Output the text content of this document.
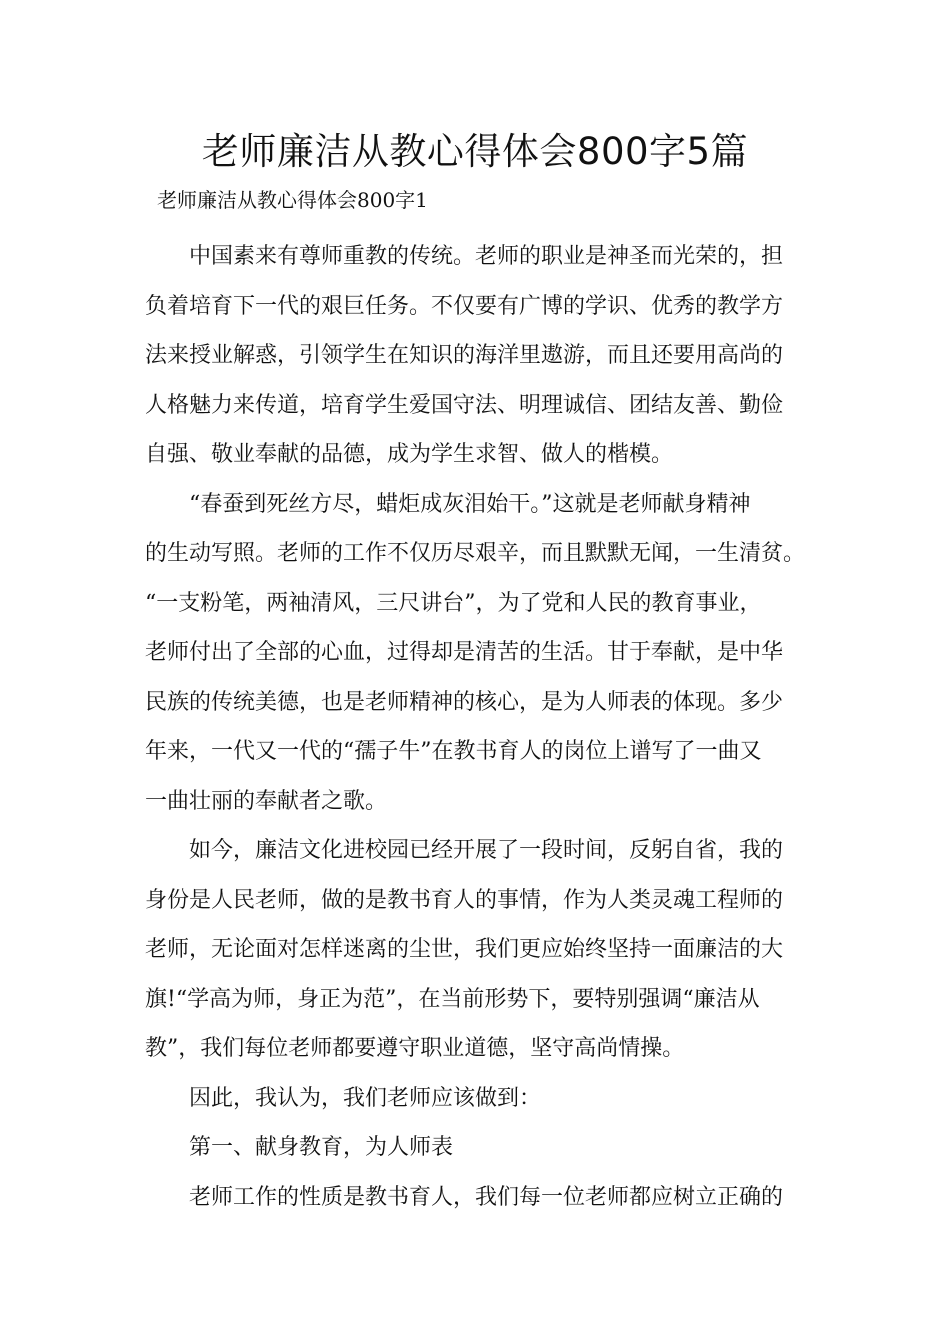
老师廉洁从教心得体会800字5篇
老师廉洁从教心得体会800字1

中国素来有尊师重教的传统。老师的职业是神圣而光荣的，担
负着培育下一代的艰巨任务。不仅要有广博的学识、优秀的教学方
法来授业解惑，引领学生在知识的海洋里遨游，而且还要用高尚的
人格魅力来传道，培育学生爱国守法、明理诚信、团结友善、勤俭
自强、敬业奉献的品德，成为学生求智、做人的楷模。

“春蚕到死丝方尽，蜡炬成灰泪始干。”这就是老师献身精神
的生动写照。老师的工作不仅历尽艰辛，而且默默无闻，一生清贫。
“一支粉笔，两袖清风，三尺讲台”，为了党和人民的教育事业，
老师付出了全部的心血，过得却是清苦的生活。甘于奉献，是中华
民族的传统美德，也是老师精神的核心，是为人师表的体现。多少
年来，一代又一代的“孺子牛”在教书育人的岗位上谱写了一曲又
一曲壮丽的奉献者之歌。

如今，廉洁文化进校园已经开展了一段时间，反躬自省，我的
身份是人民老师，做的是教书育人的事情，作为人类灵魂工程师的
老师，无论面对怎样迷离的尘世，我们更应始终坚持一面廉洁的大
旗!“学高为师，身正为范”，在当前形势下，要特别强调“廉洁从
教”，我们每位老师都要遵守职业道德，坚守高尚情操。

因此，我认为，我们老师应该做到：

第一、献身教育，为人师表

老师工作的性质是教书育人，我们每一位老师都应树立正确的
